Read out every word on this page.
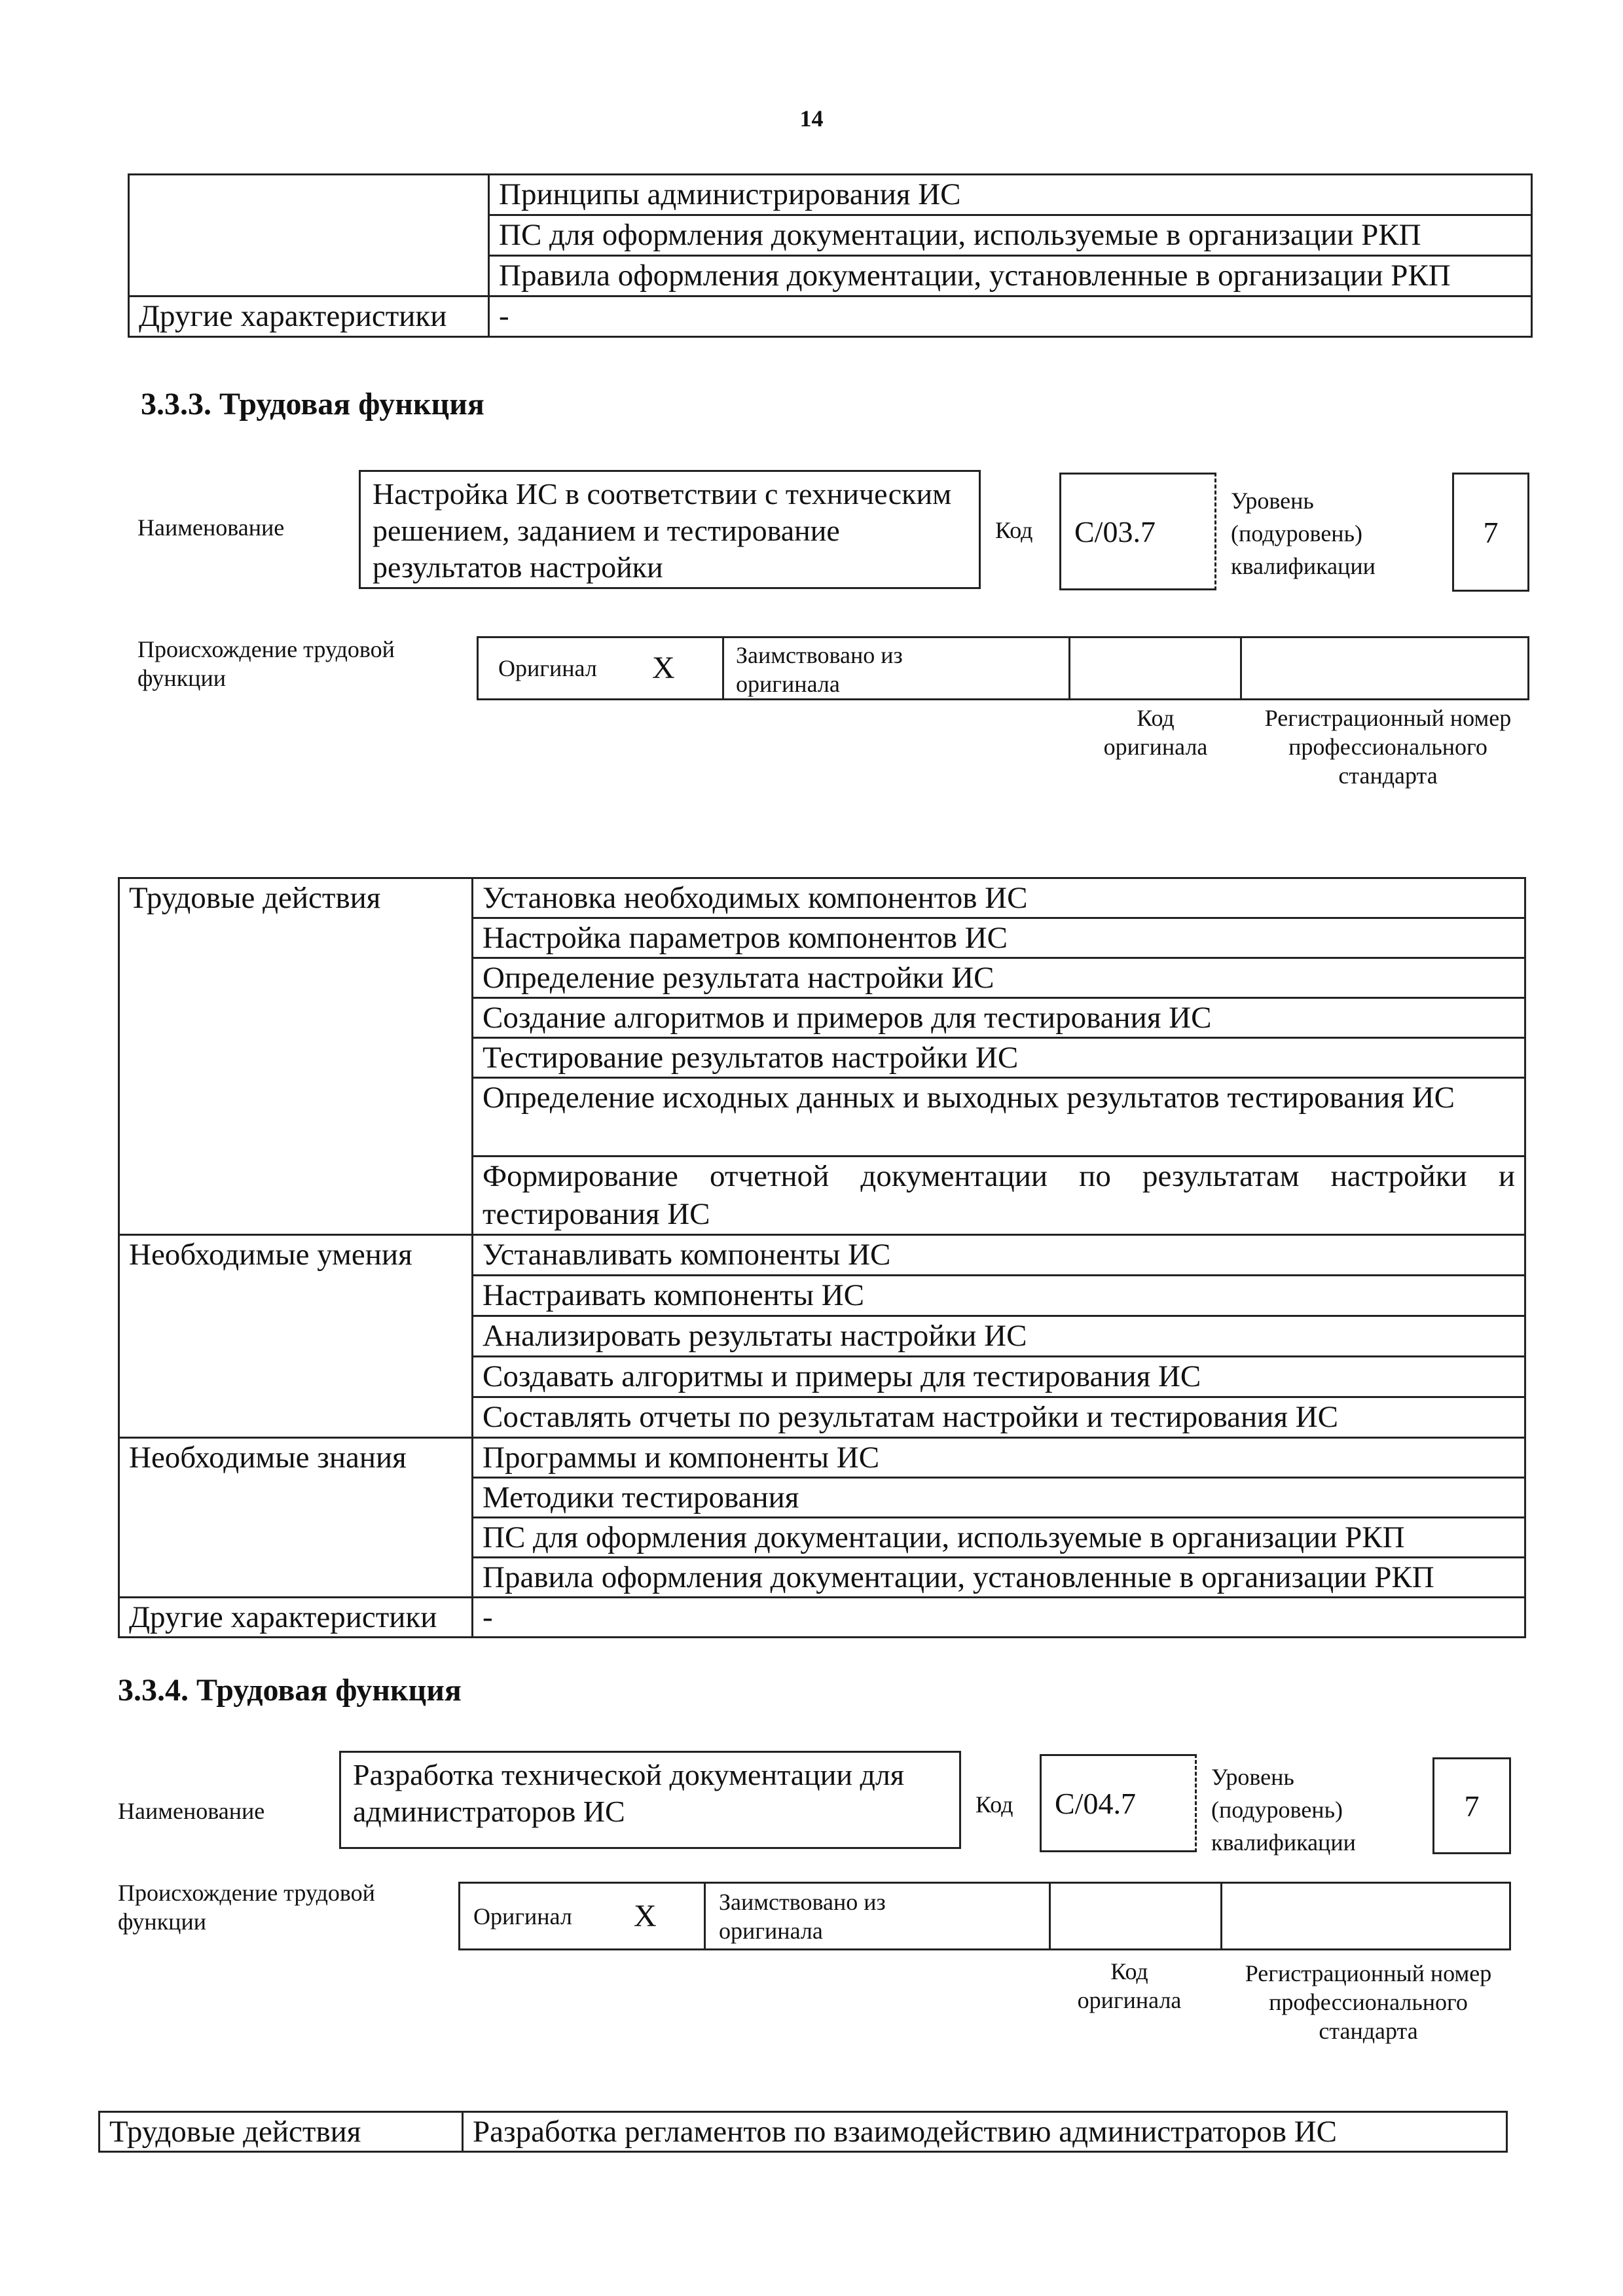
14
	Принципы администрирования ИС
	ПС для оформления документации, используемые в организации РКП
	Правила оформления документации, установленные в организации РКП
Другие характеристики	-
3.3.3. Трудовая функция
Наименование
Настройка ИС в соответствии с техническим решением, заданием и тестирование результатов настройки
Код С/03.7
Уровень (подуровень) квалификации
7
Происхождение трудовой функции	Оригинал X	Заимствовано из оригинала
Код оригинала
Регистрационный номер профессионального стандарта
Трудовые действия	Установка необходимых компонентов ИС
	Настройка параметров компонентов ИС
	Определение результата настройки ИС
	Создание алгоритмов и примеров для тестирования ИС
	Тестирование результатов настройки ИС
	Определение исходных данных и выходных результатов тестирования ИС
	Формирование отчетной документации по результатам настройки и тестирования ИС
Необходимые умения	Устанавливать компоненты ИС
	Настраивать компоненты ИС
	Анализировать результаты настройки ИС
	Создавать алгоритмы и примеры для тестирования ИС
	Составлять отчеты по результатам настройки и тестирования ИС
Необходимые знания	Программы и компоненты ИС
	Методики тестирования
	ПС для оформления документации, используемые в организации РКП
	Правила оформления документации, установленные в организации РКП
Другие характеристики	-
3.3.4. Трудовая функция
Наименование
Разработка технической документации для администраторов ИС	Код С/04.7
Уровень (подуровень) квалификации
7
Происхождение трудовой функции	Оригинал X	Заимствовано из оригинала
Код оригинала
Регистрационный номер профессионального стандарта
Трудовые действия	Разработка регламентов по взаимодействию администраторов ИС
